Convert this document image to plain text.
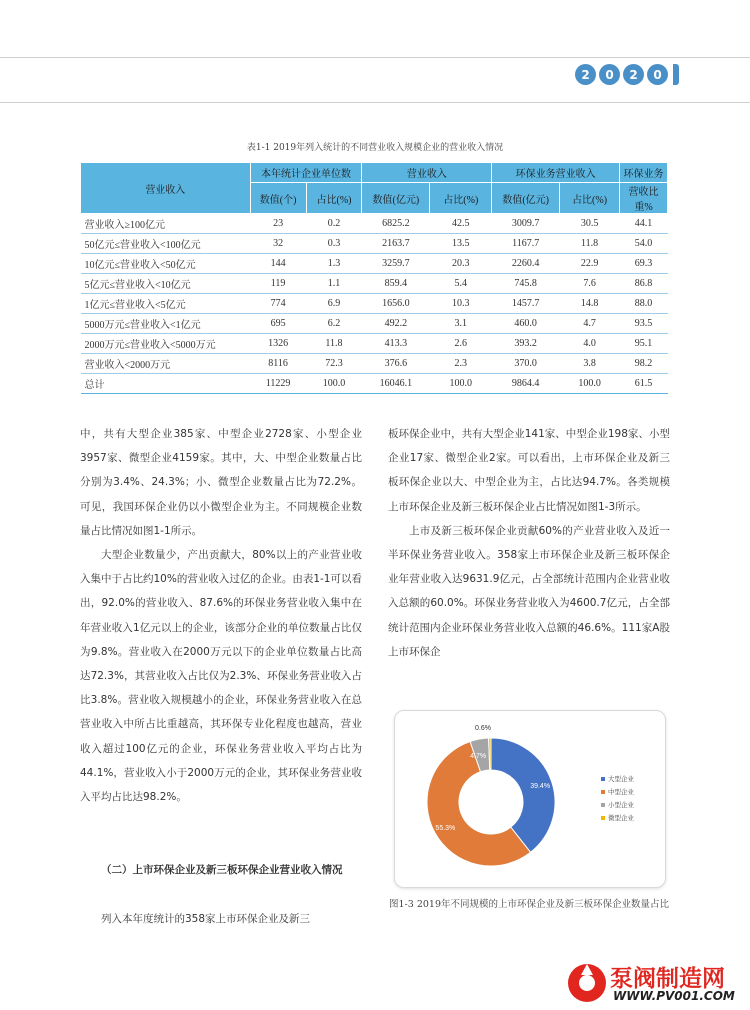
2	0	2	0
表1-1 2019年列入统计的不同营业收入规模企业的营业收入情况
营业收入	本年统计企业单位数		营业收入		环保业务营业收入		环保业务
	数值(个)	占比(%)	数值(亿元)	占比(%)	数值(亿元)	占比(%)	营收比重%
营业收入≥100亿元	23	0.2	6825.2	42.5	3009.7	30.5	44.1
50亿元≤营业收入<100亿元	32	0.3	2163.7	13.5	1167.7	11.8	54.0
10亿元≤营业收入<50亿元	144	1.3	3259.7	20.3	2260.4	22.9	69.3
5亿元≤营业收入<10亿元	119	1.1	859.4	5.4	745.8	7.6	86.8
1亿元≤营业收入<5亿元	774	6.9	1656.0	10.3	1457.7	14.8	88.0
5000万元≤营业收入<1亿元	695	6.2	492.2	3.1	460.0	4.7	93.5
2000万元≤营业收入<5000万元	1326	11.8	413.3	2.6	393.2	4.0	95.1
营业收入<2000万元	8116	72.3	376.6	2.3	370.0	3.8	98.2
总计	11229	100.0	16046.1	100.0	9864.4	100.0	61.5

中，共有大型企业385家、中型企业2728家、小型企业3957家、微型企业4159家。其中，大、中型企业数量占比分别为3.4%、24.3%；小、微型企业数量占比为72.2%。可见，我国环保企业仍以小微型企业为主。不同规模企业数量占比情况如图1-1所示。

大型企业数量少，产出贡献大，80%以上的产业营业收入集中于占比约10%的营业收入过亿的企业。由表1-1可以看出，92.0%的营业收入、87.6%的环保业务营业收入集中在年营业收入1亿元以上的企业，该部分企业的单位数量占比仅为9.8%。营业收入在2000万元以下的企业单位数量占比高达72.3%，其营业收入占比仅为2.3%、环保业务营业收入占比3.8%。营业收入规模越小的企业，环保业务营业收入在总营业收入中所占比重越高，其环保专业化程度也越高，营业收入超过100亿元的企业，环保业务营业收入平均占比为44.1%，营业收入小于2000万元的企业，其环保业务营业收入平均占比达98.2%。

（二）上市环保企业及新三板环保企业营业收入情况
列入本年度统计的358家上市环保企业及新三

板环保企业中，共有大型企业141家、中型企业198家、小型企业17家、微型企业2家。可以看出，上市环保企业及新三板环保企业以大、中型企业为主，占比达94.7%。各类规模上市环保企业及新三板环保企业占比情况如图1-3所示。

上市及新三板环保企业贡献60%的产业营业收入及近一半环保业务营业收入。358家上市环保企业及新三板环保企业年营业收入达9631.9亿元，占全部统计范围内企业营业收入总额的60.0%。环保业务营业收入为4600.7亿元，占全部统计范围内企业环保业务营业收入总额的46.6%。111家A股上市环保企

39.4%
55.3%
4.7%
0.6%
大型企业
中型企业
小型企业
微型企业
图1-3 2019年不同规模的上市环保企业及新三板环保企业数量占比
泵阀制造网
WWW.PV001.COM
